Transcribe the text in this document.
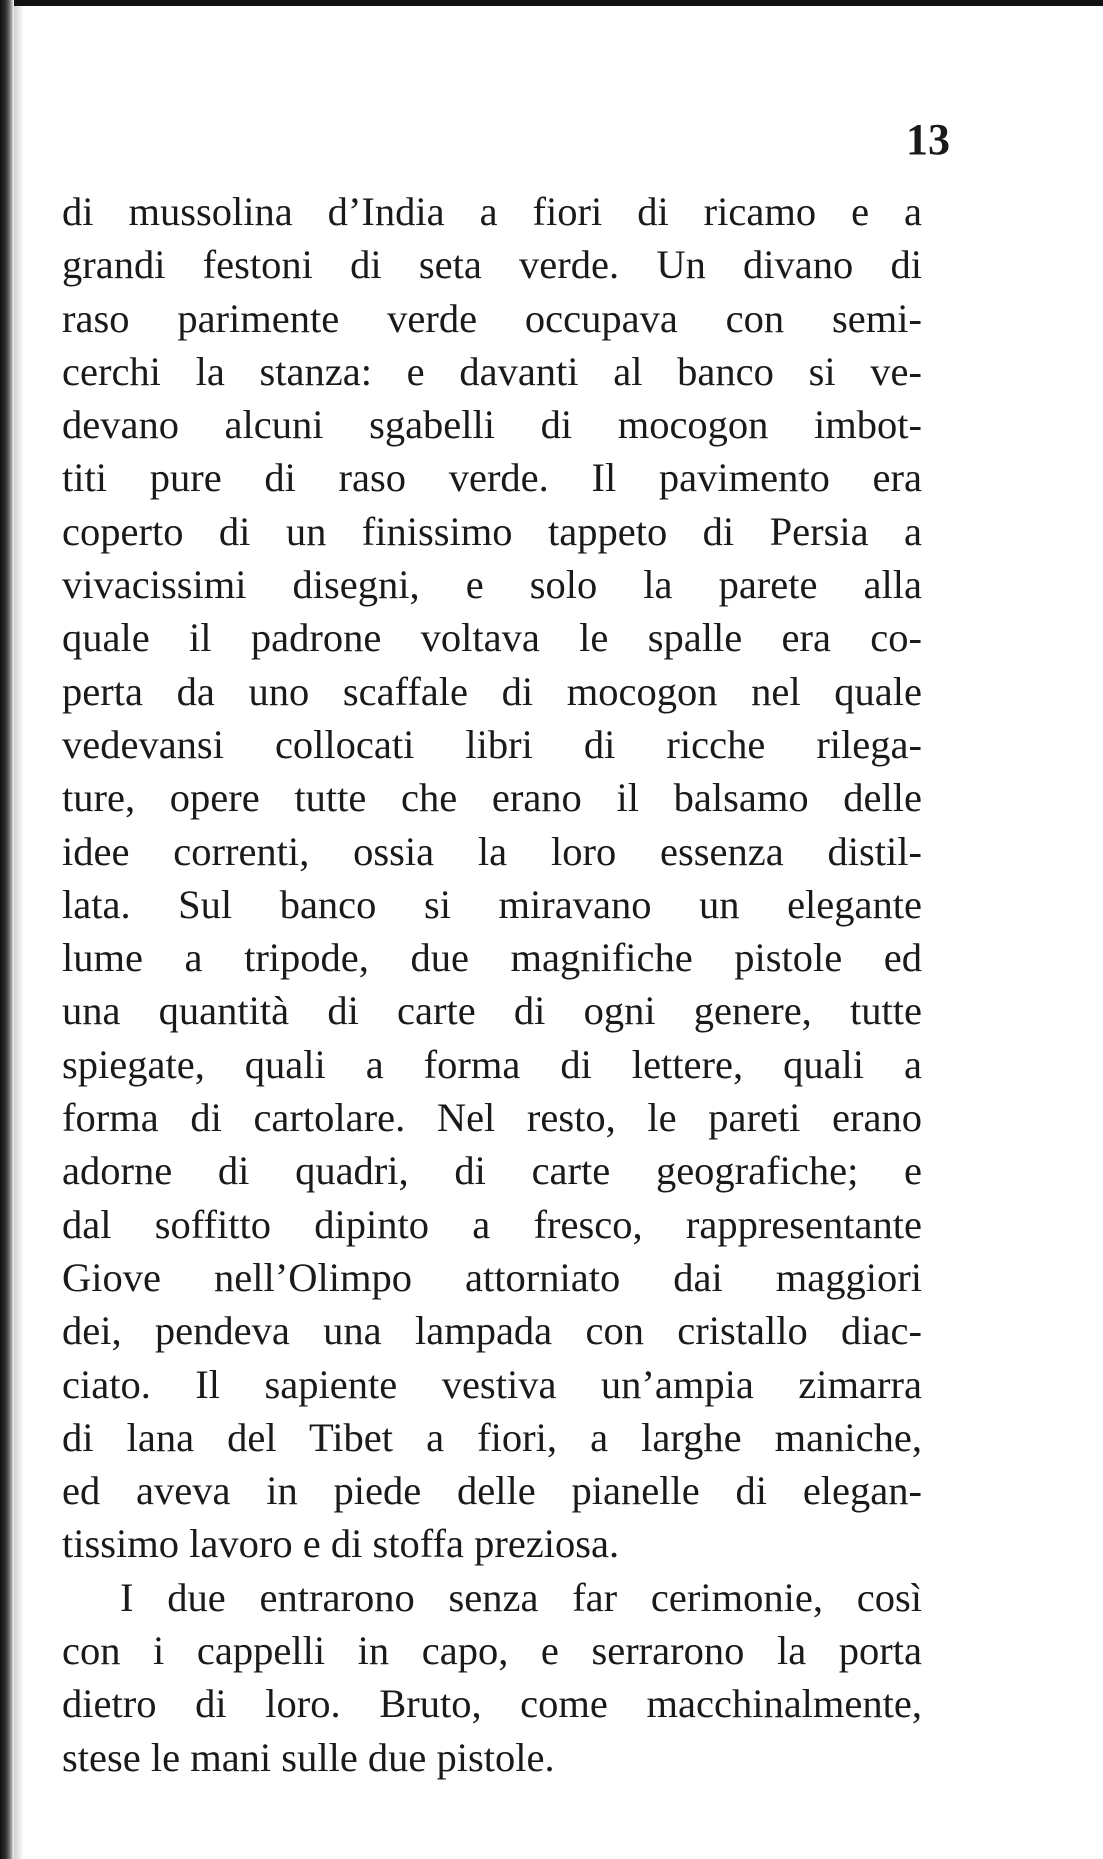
13
di mussolina d’India a fiori di ricamo e a
grandi festoni di seta verde. Un divano di
raso parimente verde occupava con semi-
cerchi la stanza: e davanti al banco si ve-
devano alcuni sgabelli di mocogon imbot-
titi pure di raso verde. Il pavimento era
coperto di un finissimo tappeto di Persia a
vivacissimi disegni, e solo la parete alla
quale il padrone voltava le spalle era co-
perta da uno scaffale di mocogon nel quale
vedevansi collocati libri di ricche rilega-
ture, opere tutte che erano il balsamo delle
idee correnti, ossia la loro essenza distil-
lata. Sul banco si miravano un elegante
lume a tripode, due magnifiche pistole ed
una quantità di carte di ogni genere, tutte
spiegate, quali a forma di lettere, quali a
forma di cartolare. Nel resto, le pareti erano
adorne di quadri, di carte geografiche; e
dal soffitto dipinto a fresco, rappresentante
Giove nell’Olimpo attorniato dai maggiori
dei, pendeva una lampada con cristallo diac-
ciato. Il sapiente vestiva un’ampia zimarra
di lana del Tibet a fiori, a larghe maniche,
ed aveva in piede delle pianelle di elegan-
tissimo lavoro e di stoffa preziosa.
I due entrarono senza far cerimonie, così
con i cappelli in capo, e serrarono la porta
dietro di loro. Bruto, come macchinalmente,
stese le mani sulle due pistole.
